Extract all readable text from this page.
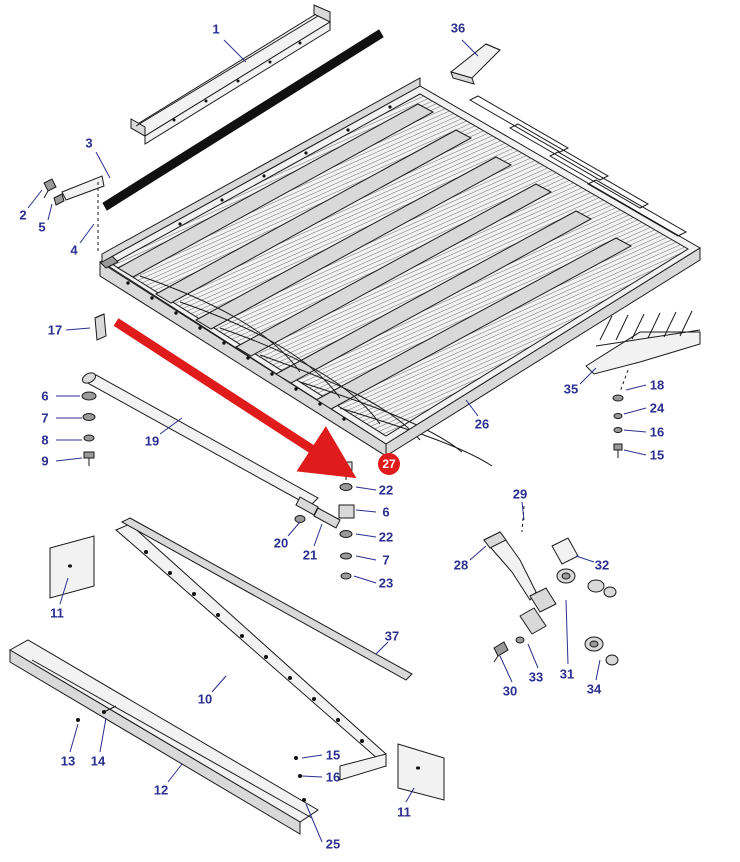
1	36
3
2
5
4
17
6
7
8
9
19
26
35	18
24
16
15
27
22
6
22
7
23
20
21
29
28	32
30
33 31
34
11
37
10
13 14
12
15
16
11
25
